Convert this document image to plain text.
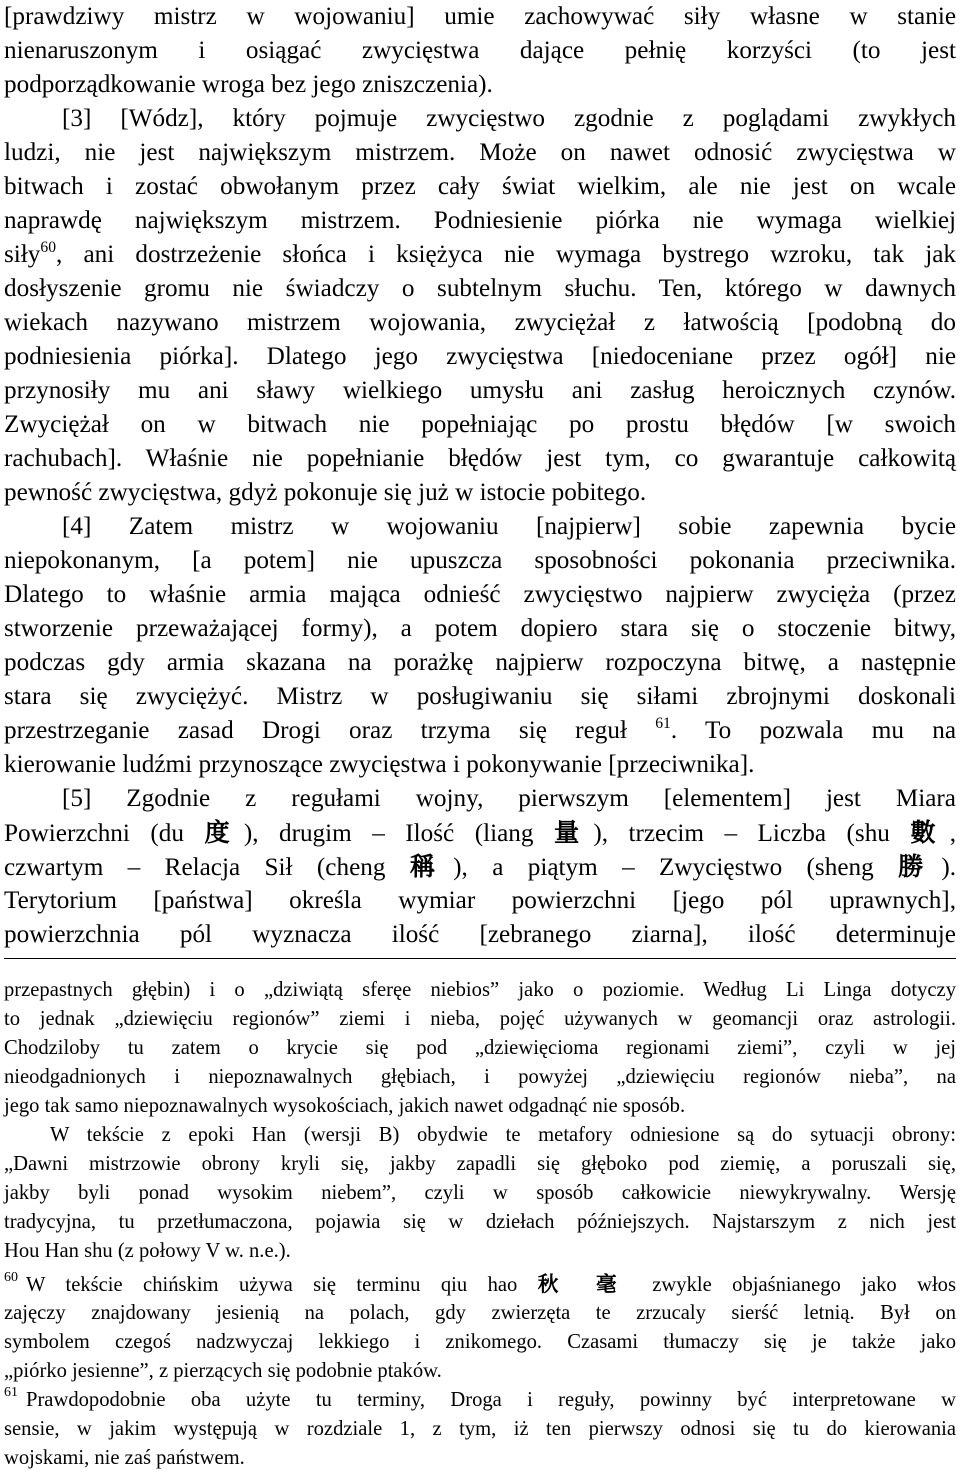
[prawdziwy mistrz w wojowaniu] umie zachowywać siły własne w stanie
nienaruszonym i osiągać zwycięstwa dające pełnię korzyści (to jest
podporządkowanie wroga bez jego zniszczenia).
[3] [Wódz], który pojmuje zwycięstwo zgodnie z poglądami zwykłych
ludzi, nie jest największym mistrzem. Może on nawet odnosić zwycięstwa w
bitwach i zostać obwołanym przez cały świat wielkim, ale nie jest on wcale
naprawdę największym mistrzem. Podniesienie piórka nie wymaga wielkiej
siły$^{60}$, ani dostrzeżenie słońca i księżyca nie wymaga bystrego wzroku, tak jak
dosłyszenie gromu nie świadczy o subtelnym słuchu. Ten, którego w dawnych
wiekach nazywano mistrzem wojowania, zwyciężał z łatwością [podobną do
podniesienia piórka]. Dlatego jego zwycięstwa [niedoceniane przez ogół] nie
przynosiły mu ani sławy wielkiego umysłu ani zasług heroicznych czynów.
Zwyciężał on w bitwach nie popełniając po prostu błędów [w swoich
rachubach]. Właśnie nie popełnianie błędów jest tym, co gwarantuje całkowitą
pewność zwycięstwa, gdyż pokonuje się już w istocie pobitego.
[4] Zatem mistrz w wojowaniu [najpierw] sobie zapewnia bycie
niepokonanym, [a potem] nie upuszcza sposobności pokonania przeciwnika.
Dlatego to właśnie armia mająca odnieść zwycięstwo najpierw zwycięża (przez
stworzenie przeważającej formy), a potem dopiero stara się o stoczenie bitwy,
podczas gdy armia skazana na porażkę najpierw rozpoczyna bitwę, a następnie
stara się zwyciężyć. Mistrz w posługiwaniu się siłami zbrojnymi doskonali
przestrzeganie zasad Drogi oraz trzyma się reguł $^{61}$. To pozwala mu na
kierowanie ludźmi przynoszące zwycięstwa i pokonywanie [przeciwnika].
[5] Zgodnie z regułami wojny, pierwszym [elementem] jest Miara
Powierzchni (du 度), drugim – Ilość (liang 量), trzecim – Liczba (shu 數,
czwartym – Relacja Sił (cheng 稱), a piątym – Zwycięstwo (sheng 勝).
Terytorium [państwa] określa wymiar powierzchni [jego pól uprawnych],
powierzchnia pól wyznacza ilość [zebranego ziarna], ilość determinuje
przepastnych głębin) i o „dziwiątą sferęe niebios” jako o poziomie. Według Li Linga dotyczy
to jednak „dziewięciu regionów” ziemi i nieba, pojęć używanych w geomancji oraz astrologii.
Chodziloby tu zatem o krycie się pod „dziewięcioma regionami ziemi”, czyli w jej
nieodgadnionych i niepoznawalnych głębiach, i powyżej „dziewięciu regionów nieba”, na
jego tak samo niepoznawalnych wysokościach, jakich nawet odgadnąć nie sposób.
W tekście z epoki Han (wersji B) obydwie te metafory odniesione są do sytuacji obrony:
„Dawni mistrzowie obrony kryli się, jakby zapadli się głęboko pod ziemię, a poruszali się,
jakby byli ponad wysokim niebem”, czyli w sposób całkowicie niewykrywalny. Wersję
tradycyjna, tu przetłumaczona, pojawia się w dziełach późniejszych. Najstarszym z nich jest
Hou Han shu (z połowy V w. n.e.).
$^{60}$ W tekście chińskim używa się terminu qiu hao 秋 毫 zwykle objaśnianego jako włos
zajęczy znajdowany jesienią na polach, gdy zwierzęta te zrzucaly sierść letnią. Był on
symbolem czegoś nadzwyczaj lekkiego i znikomego. Czasami tłumaczy się je także jako
„piórko jesienne”, z pierzących się podobnie ptaków.
$^{61}$ Prawdopodobnie oba użyte tu terminy, Droga i reguły, powinny być interpretowane w
sensie, w jakim występują w rozdziale 1, z tym, iż ten pierwszy odnosi się tu do kierowania
wojskami, nie zaś państwem.
